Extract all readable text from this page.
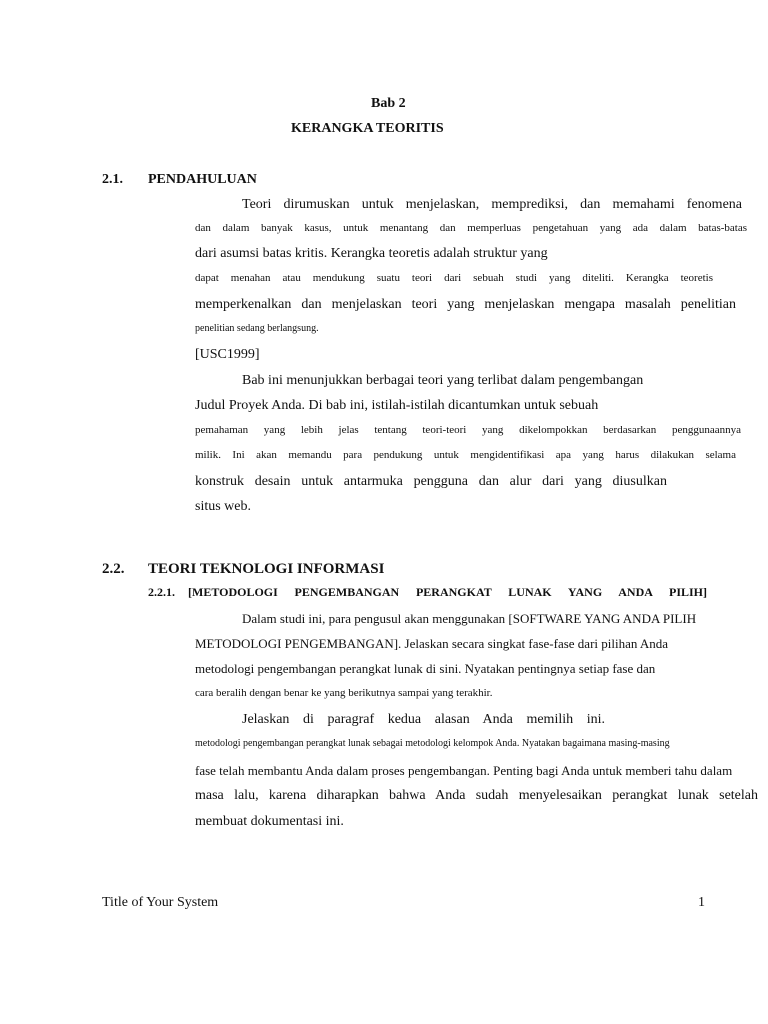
Bab 2
KERANGKA TEORITIS
2.1. PENDAHULUAN
Teori dirumuskan untuk menjelaskan, memprediksi, dan memahami fenomena
dan dalam banyak kasus, untuk menantang dan memperluas pengetahuan yang ada dalam batas-batas
dari asumsi batas kritis. Kerangka teoretis adalah struktur yang
dapat menahan atau mendukung suatu teori dari sebuah studi yang diteliti. Kerangka teoretis
memperkenalkan dan menjelaskan teori yang menjelaskan mengapa masalah penelitian
penelitian sedang berlangsung.
[USC1999]
Bab ini menunjukkan berbagai teori yang terlibat dalam pengembangan
Judul Proyek Anda. Di bab ini, istilah-istilah dicantumkan untuk sebuah
pemahaman yang lebih jelas tentang teori-teori yang dikelompokkan berdasarkan penggunaannya
milik. Ini akan memandu para pendukung untuk mengidentifikasi apa yang harus dilakukan selama
konstruk desain untuk antarmuka pengguna dan alur dari yang diusulkan
situs web.
2.2. TEORI TEKNOLOGI INFORMASI
2.2.1. [METODOLOGI PENGEMBANGAN PERANGKAT LUNAK YANG ANDA PILIH]
Dalam studi ini, para pengusul akan menggunakan [SOFTWARE YANG ANDA PILIH
METODOLOGI PENGEMBANGAN]. Jelaskan secara singkat fase-fase dari pilihan Anda
metodologi pengembangan perangkat lunak di sini. Nyatakan pentingnya setiap fase dan
cara beralih dengan benar ke yang berikutnya sampai yang terakhir.
Jelaskan di paragraf kedua alasan Anda memilih ini.
metodologi pengembangan perangkat lunak sebagai metodologi kelompok Anda. Nyatakan bagaimana masing-masing
fase telah membantu Anda dalam proses pengembangan. Penting bagi Anda untuk memberi tahu dalam
masa lalu, karena diharapkan bahwa Anda sudah menyelesaikan perangkat lunak setelah
membuat dokumentasi ini.
Title of Your System	1
